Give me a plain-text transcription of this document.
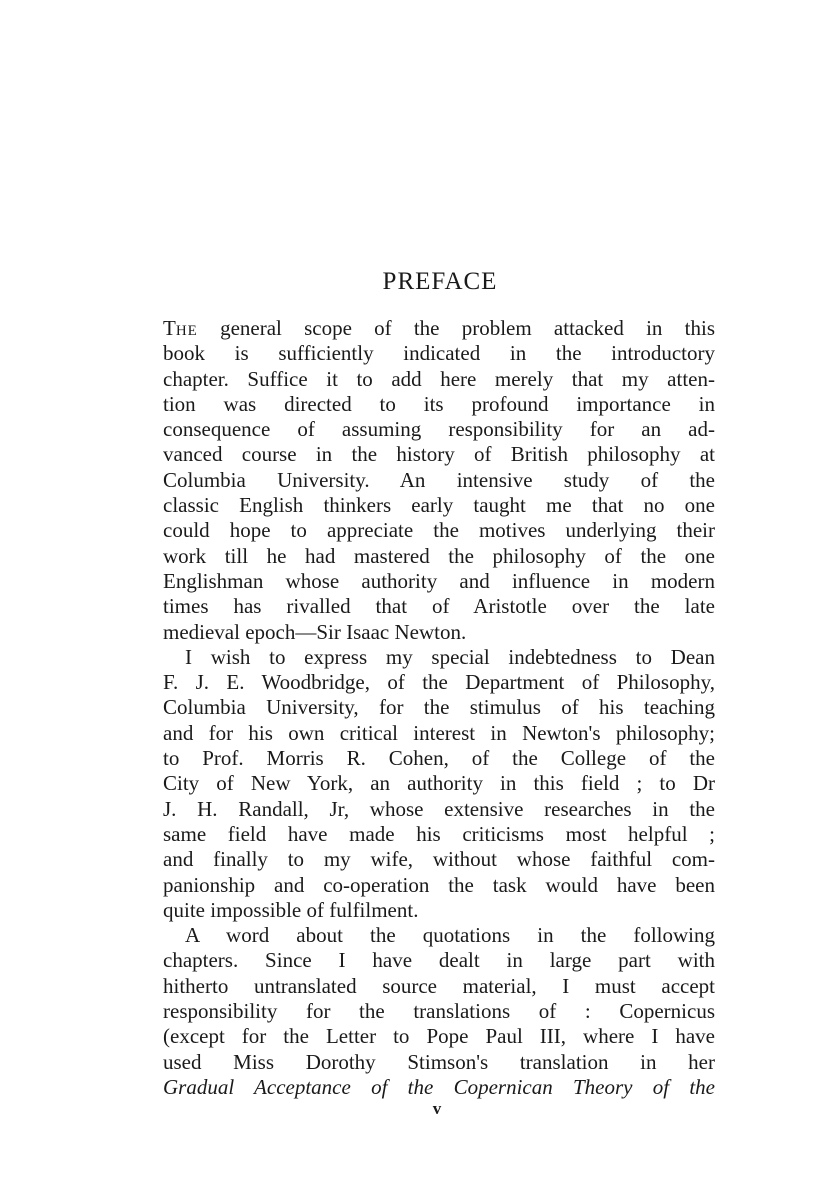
PREFACE
THE general scope of the problem attacked in this
book is sufficiently indicated in the introductory
chapter. Suffice it to add here merely that my atten-
tion was directed to its profound importance in
consequence of assuming responsibility for an ad-
vanced course in the history of British philosophy at
Columbia University. An intensive study of the
classic English thinkers early taught me that no one
could hope to appreciate the motives underlying their
work till he had mastered the philosophy of the one
Englishman whose authority and influence in modern
times has rivalled that of Aristotle over the late
medieval epoch—Sir Isaac Newton.
I wish to express my special indebtedness to Dean
F. J. E. Woodbridge, of the Department of Philosophy,
Columbia University, for the stimulus of his teaching
and for his own critical interest in Newton's philosophy;
to Prof. Morris R. Cohen, of the College of the
City of New York, an authority in this field ; to Dr
J. H. Randall, Jr, whose extensive researches in the
same field have made his criticisms most helpful ;
and finally to my wife, without whose faithful com-
panionship and co-operation the task would have been
quite impossible of fulfilment.
A word about the quotations in the following
chapters. Since I have dealt in large part with
hitherto untranslated source material, I must accept
responsibility for the translations of : Copernicus
(except for the Letter to Pope Paul III, where I have
used Miss Dorothy Stimson's translation in her
Gradual Acceptance of the Copernican Theory of the
v
